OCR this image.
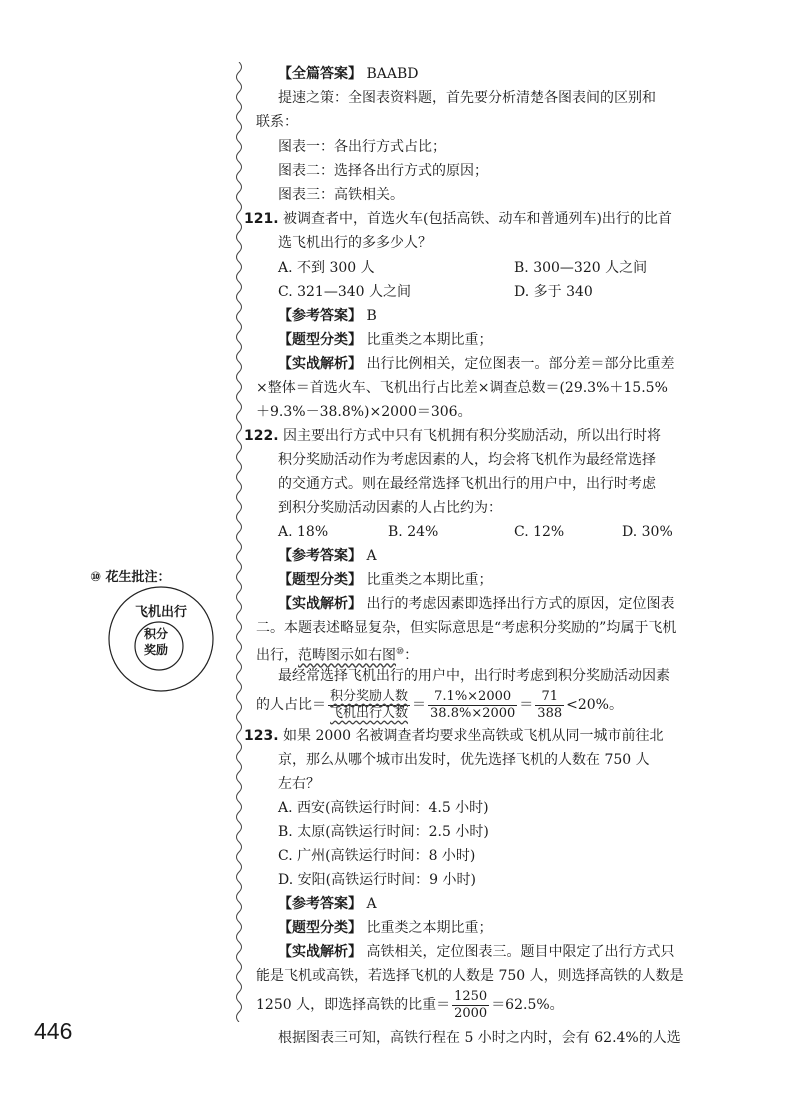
⑩ 花生批注：
飞机出行
积分奖励
446
【全篇答案】 BAABD
提速之策：全图表资料题，首先要分析清楚各图表间的区别和
联系：
图表一：各出行方式占比；
图表二：选择各出行方式的原因；
图表三：高铁相关。
121. 被调查者中，首选火车(包括高铁、动车和普通列车)出行的比首
选飞机出行的多多少人？
A. 不到 300 人	B. 300—320 人之间
C. 321—340 人之间	D. 多于 340
【参考答案】 B
【题型分类】 比重类之本期比重；
【实战解析】 出行比例相关，定位图表一。部分差＝部分比重差
×整体＝首选火车、飞机出行占比差×调查总数＝(29.3%＋15.5%
＋9.3%－38.8%)×2000＝306。
122. 因主要出行方式中只有飞机拥有积分奖励活动，所以出行时将
积分奖励活动作为考虑因素的人，均会将飞机作为最经常选择
的交通方式。则在最经常选择飞机出行的用户中，出行时考虑
到积分奖励活动因素的人占比约为：
A. 18%	B. 24%	C. 12%	D. 30%
【参考答案】 A
【题型分类】 比重类之本期比重；
【实战解析】 出行的考虑因素即选择出行方式的原因，定位图表
二。本题表述略显复杂，但实际意思是“考虑积分奖励的”均属于飞机
出行，范畴图示如右图⑩：
最经常选择飞机出行的用户中，出行时考虑到积分奖励活动因素
的人占比＝ $\frac{\text{积分奖励人数}}{\text{飞机出行人数}} = \frac{7.1\%\times 2000}{38.8\%\times 2000} = \frac{71}{388} <20\%$。
123. 如果 2000 名被调查者均要求坐高铁或飞机从同一城市前往北
京，那么从哪个城市出发时，优先选择飞机的人数在 750 人
左右？
A. 西安(高铁运行时间：4.5 小时)
B. 太原(高铁运行时间：2.5 小时)
C. 广州(高铁运行时间：8 小时)
D. 安阳(高铁运行时间：9 小时)
【参考答案】 A
【题型分类】 比重类之本期比重；
【实战解析】 高铁相关，定位图表三。题目中限定了出行方式只
能是飞机或高铁，若选择飞机的人数是 750 人，则选择高铁的人数是
1250 人，即选择高铁的比重＝ $\frac{1250}{2000} =62.5\%$。
根据图表三可知，高铁行程在 5 小时之内时，会有 62.4%的人选
